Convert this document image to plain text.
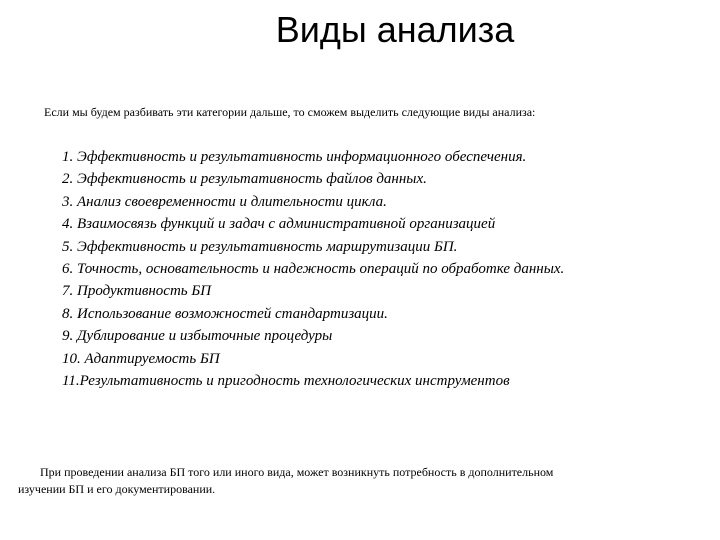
Виды анализа
Если мы будем разбивать эти категории дальше, то сможем выделить следующие виды анализа:
1. Эффективность и результативность информационного обеспечения.
2. Эффективность и результативность файлов данных.
3. Анализ своевременности и длительности цикла.
4. Взаимосвязь функций и задач с административной организацией
5. Эффективность и результативность маршрутизации БП.
6. Точность, основательность и надежность операций по обработке данных.
7. Продуктивность БП
8. Использование возможностей стандартизации.
9. Дублирование и избыточные процедуры
10. Адаптируемость БП
11.Результативность и пригодность технологических инструментов
При проведении анализа БП того или иного вида, может возникнуть потребность в дополнительном
изучении БП и его документировании.
